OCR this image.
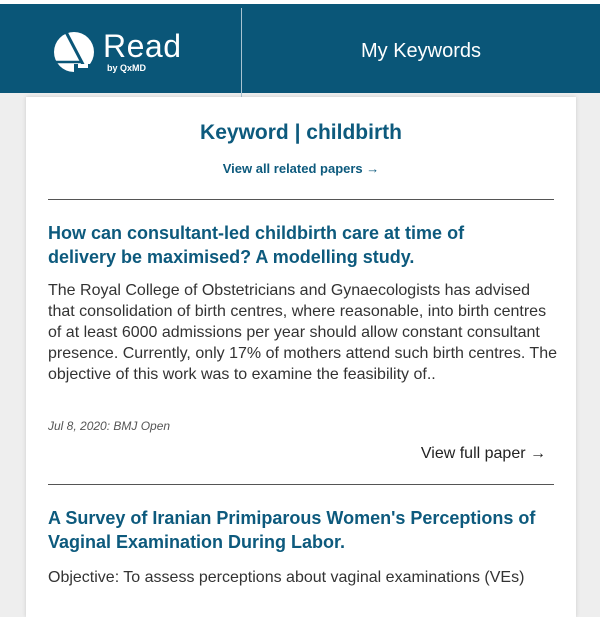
Read
by QxMD
My Keywords
Keyword | childbirth
View all related papers →
How can consultant-led childbirth care at time of delivery be maximised? A modelling study.
The Royal College of Obstetricians and Gynaecologists has advised that consolidation of birth centres, where reasonable, into birth centres of at least 6000 admissions per year should allow constant consultant presence. Currently, only 17% of mothers attend such birth centres. The objective of this work was to examine the feasibility of..
Jul 8, 2020: BMJ Open
View full paper →
A Survey of Iranian Primiparous Women's Perceptions of Vaginal Examination During Labor.
Objective: To assess perceptions about vaginal examinations (VEs)
